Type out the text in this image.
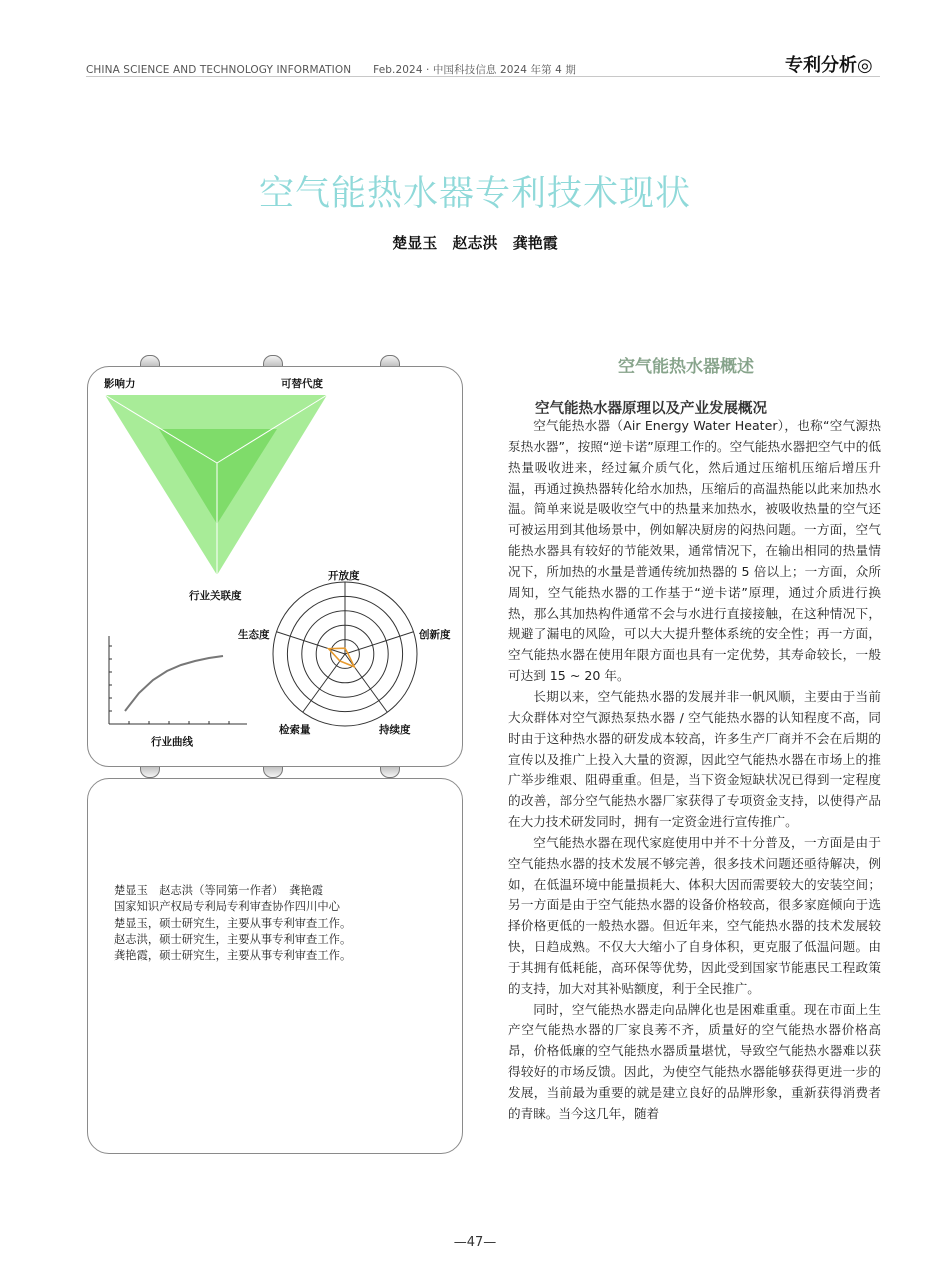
CHINA SCIENCE AND TECHNOLOGY INFORMATION Feb.2024 · 中国科技信息 2024 年第 4 期	专利分析◎
空气能热水器专利技术现状
楚显玉 赵志洪 龚艳霞
影响力	可替代度
行业关联度
行业曲线
开放度
创新度
持续度
检索量
生态度
楚显玉　赵志洪（等同第一作者）　龚艳霞
国家知识产权局专利局专利审查协作四川中心
楚显玉，硕士研究生，主要从事专利审查工作。
赵志洪，硕士研究生，主要从事专利审查工作。
龚艳霞，硕士研究生，主要从事专利审查工作。
空气能热水器概述
空气能热水器原理以及产业发展概况

空气能热水器（Air Energy Water Heater），也称“空气源热泵热水器”，按照“逆卡诺”原理工作的。空气能热水器把空气中的低热量吸收进来，经过氟介质气化，然后通过压缩机压缩后增压升温，再通过换热器转化给水加热，压缩后的高温热能以此来加热水温。简单来说是吸收空气中的热量来加热水，被吸收热量的空气还可被运用到其他场景中，例如解决厨房的闷热问题。一方面，空气能热水器具有较好的节能效果，通常情况下，在输出相同的热量情况下，所加热的水量是普通传统加热器的 5 倍以上；一方面，众所周知，空气能热水器的工作基于“逆卡诺”原理，通过介质进行换热，那么其加热构件通常不会与水进行直接接触，在这种情况下，规避了漏电的风险，可以大大提升整体系统的安全性；再一方面，空气能热水器在使用年限方面也具有一定优势，其寿命较长，一般可达到 15 ~ 20 年。

长期以来，空气能热水器的发展并非一帆风顺，主要由于当前大众群体对空气源热泵热水器 / 空气能热水器的认知程度不高，同时由于这种热水器的研发成本较高，许多生产厂商并不会在后期的宣传以及推广上投入大量的资源，因此空气能热水器在市场上的推广举步维艰、阻碍重重。但是，当下资金短缺状况已得到一定程度的改善，部分空气能热水器厂家获得了专项资金支持，以使得产品在大力技术研发同时，拥有一定资金进行宣传推广。

空气能热水器在现代家庭使用中并不十分普及，一方面是由于空气能热水器的技术发展不够完善，很多技术问题还亟待解决，例如，在低温环境中能量损耗大、体积大因而需要较大的安装空间；另一方面是由于空气能热水器的设备价格较高，很多家庭倾向于选择价格更低的一般热水器。但近年来，空气能热水器的技术发展较快，日趋成熟。不仅大大缩小了自身体积，更克服了低温问题。由于其拥有低耗能，高环保等优势，因此受到国家节能惠民工程政策的支持，加大对其补贴额度，利于全民推广。

同时，空气能热水器走向品牌化也是困难重重。现在市面上生产空气能热水器的厂家良莠不齐，质量好的空气能热水器价格高昂，价格低廉的空气能热水器质量堪忧，导致空气能热水器难以获得较好的市场反馈。因此，为使空气能热水器能够获得更进一步的发展，当前最为重要的就是建立良好的品牌形象，重新获得消费者的青睐。当今这几年，随着

—47—
